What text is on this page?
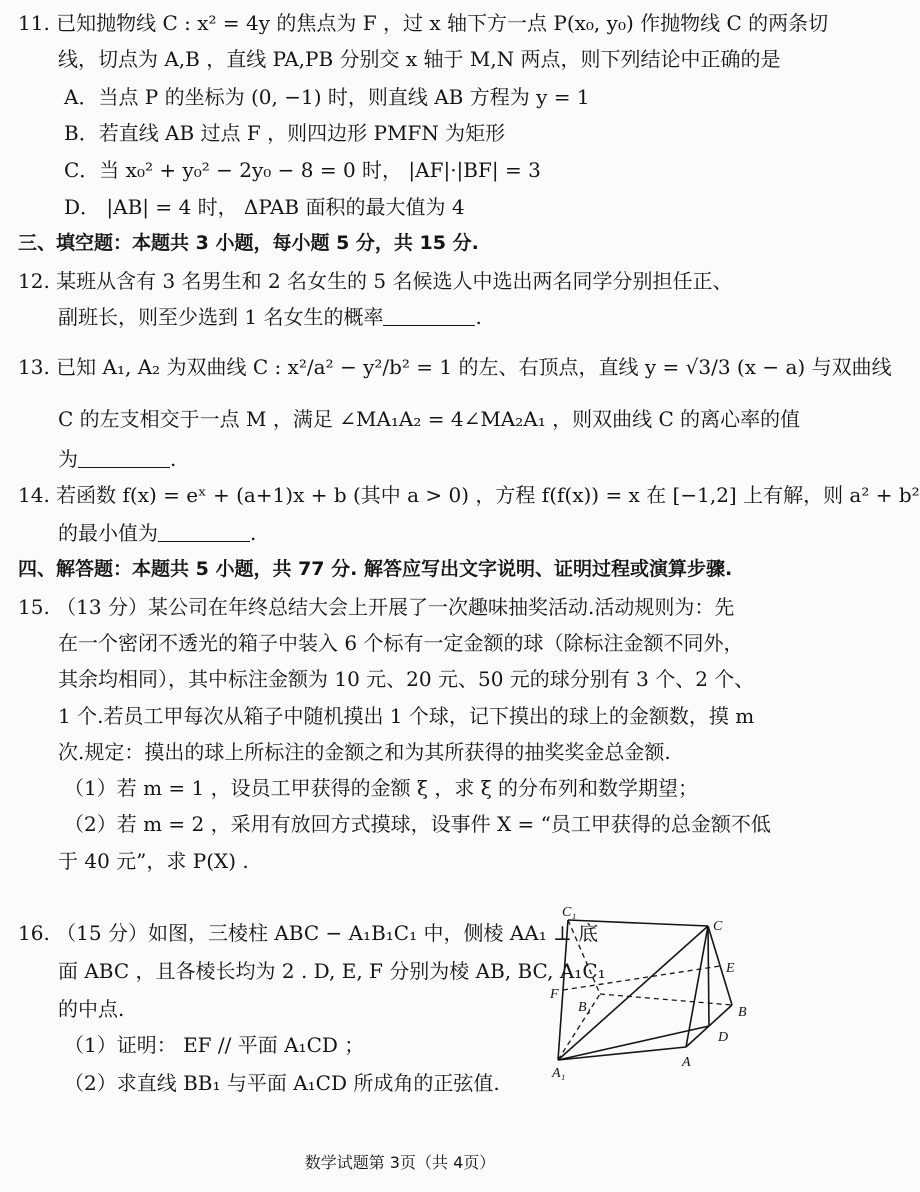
11. 已知抛物线 C : x² = 4y 的焦点为 F ，过 x 轴下方一点 P(x₀, y₀) 作抛物线 C 的两条切
线，切点为 A,B ，直线 PA,PB 分别交 x 轴于 M,N 两点，则下列结论中正确的是
A．当点 P 的坐标为 (0, −1) 时，则直线 AB 方程为 y = 1
B．若直线 AB 过点 F ，则四边形 PMFN 为矩形
C．当 x₀² + y₀² − 2y₀ − 8 = 0 时， |AF|·|BF| = 3
D． |AB| = 4 时， ΔPAB 面积的最大值为 4
三、填空题：本题共 3 小题，每小题 5 分，共 15 分.
12. 某班从含有 3 名男生和 2 名女生的 5 名候选人中选出两名同学分别担任正、
副班长，则至少选到 1 名女生的概率	.
13. 已知 A₁, A₂ 为双曲线 C : x²/a² − y²/b² = 1 的左、右顶点，直线 y = √3/3 (x − a) 与双曲线
C 的左支相交于一点 M ，满足 ∠MA₁A₂ = 4∠MA₂A₁ ，则双曲线 C 的离心率的值
为	.
14. 若函数 f(x) = eˣ + (a+1)x + b (其中 a > 0) ，方程 f(f(x)) = x 在 [−1,2] 上有解，则 a² + b²
的最小值为	.
四、解答题：本题共 5 小题，共 77 分. 解答应写出文字说明、证明过程或演算步骤.
15. （13 分）某公司在年终总结大会上开展了一次趣味抽奖活动.活动规则为：先
在一个密闭不透光的箱子中装入 6 个标有一定金额的球（除标注金额不同外，
其余均相同），其中标注金额为 10 元、20 元、50 元的球分别有 3 个、2 个、
1 个.若员工甲每次从箱子中随机摸出 1 个球，记下摸出的球上的金额数，摸 m
次.规定：摸出的球上所标注的金额之和为其所获得的抽奖奖金总金额.
（1）若 m = 1 ，设员工甲获得的金额 ξ ，求 ξ 的分布列和数学期望；
（2）若 m = 2 ，采用有放回方式摸球，设事件 X = “员工甲获得的总金额不低
于 40 元”，求 P(X) .
16. （15 分）如图，三棱柱 ABC − A₁B₁C₁ 中，侧棱 AA₁ ⊥ 底
面 ABC ，且各棱长均为 2 . D, E, F 分别为棱 AB, BC, A₁C₁
的中点.
（1）证明： EF // 平面 A₁CD ；
（2）求直线 BB₁ 与平面 A₁CD 所成角的正弦值.
C₁
C
E
F
B₁	B
D
A₁
A
数学试题第 3页（共 4页）
